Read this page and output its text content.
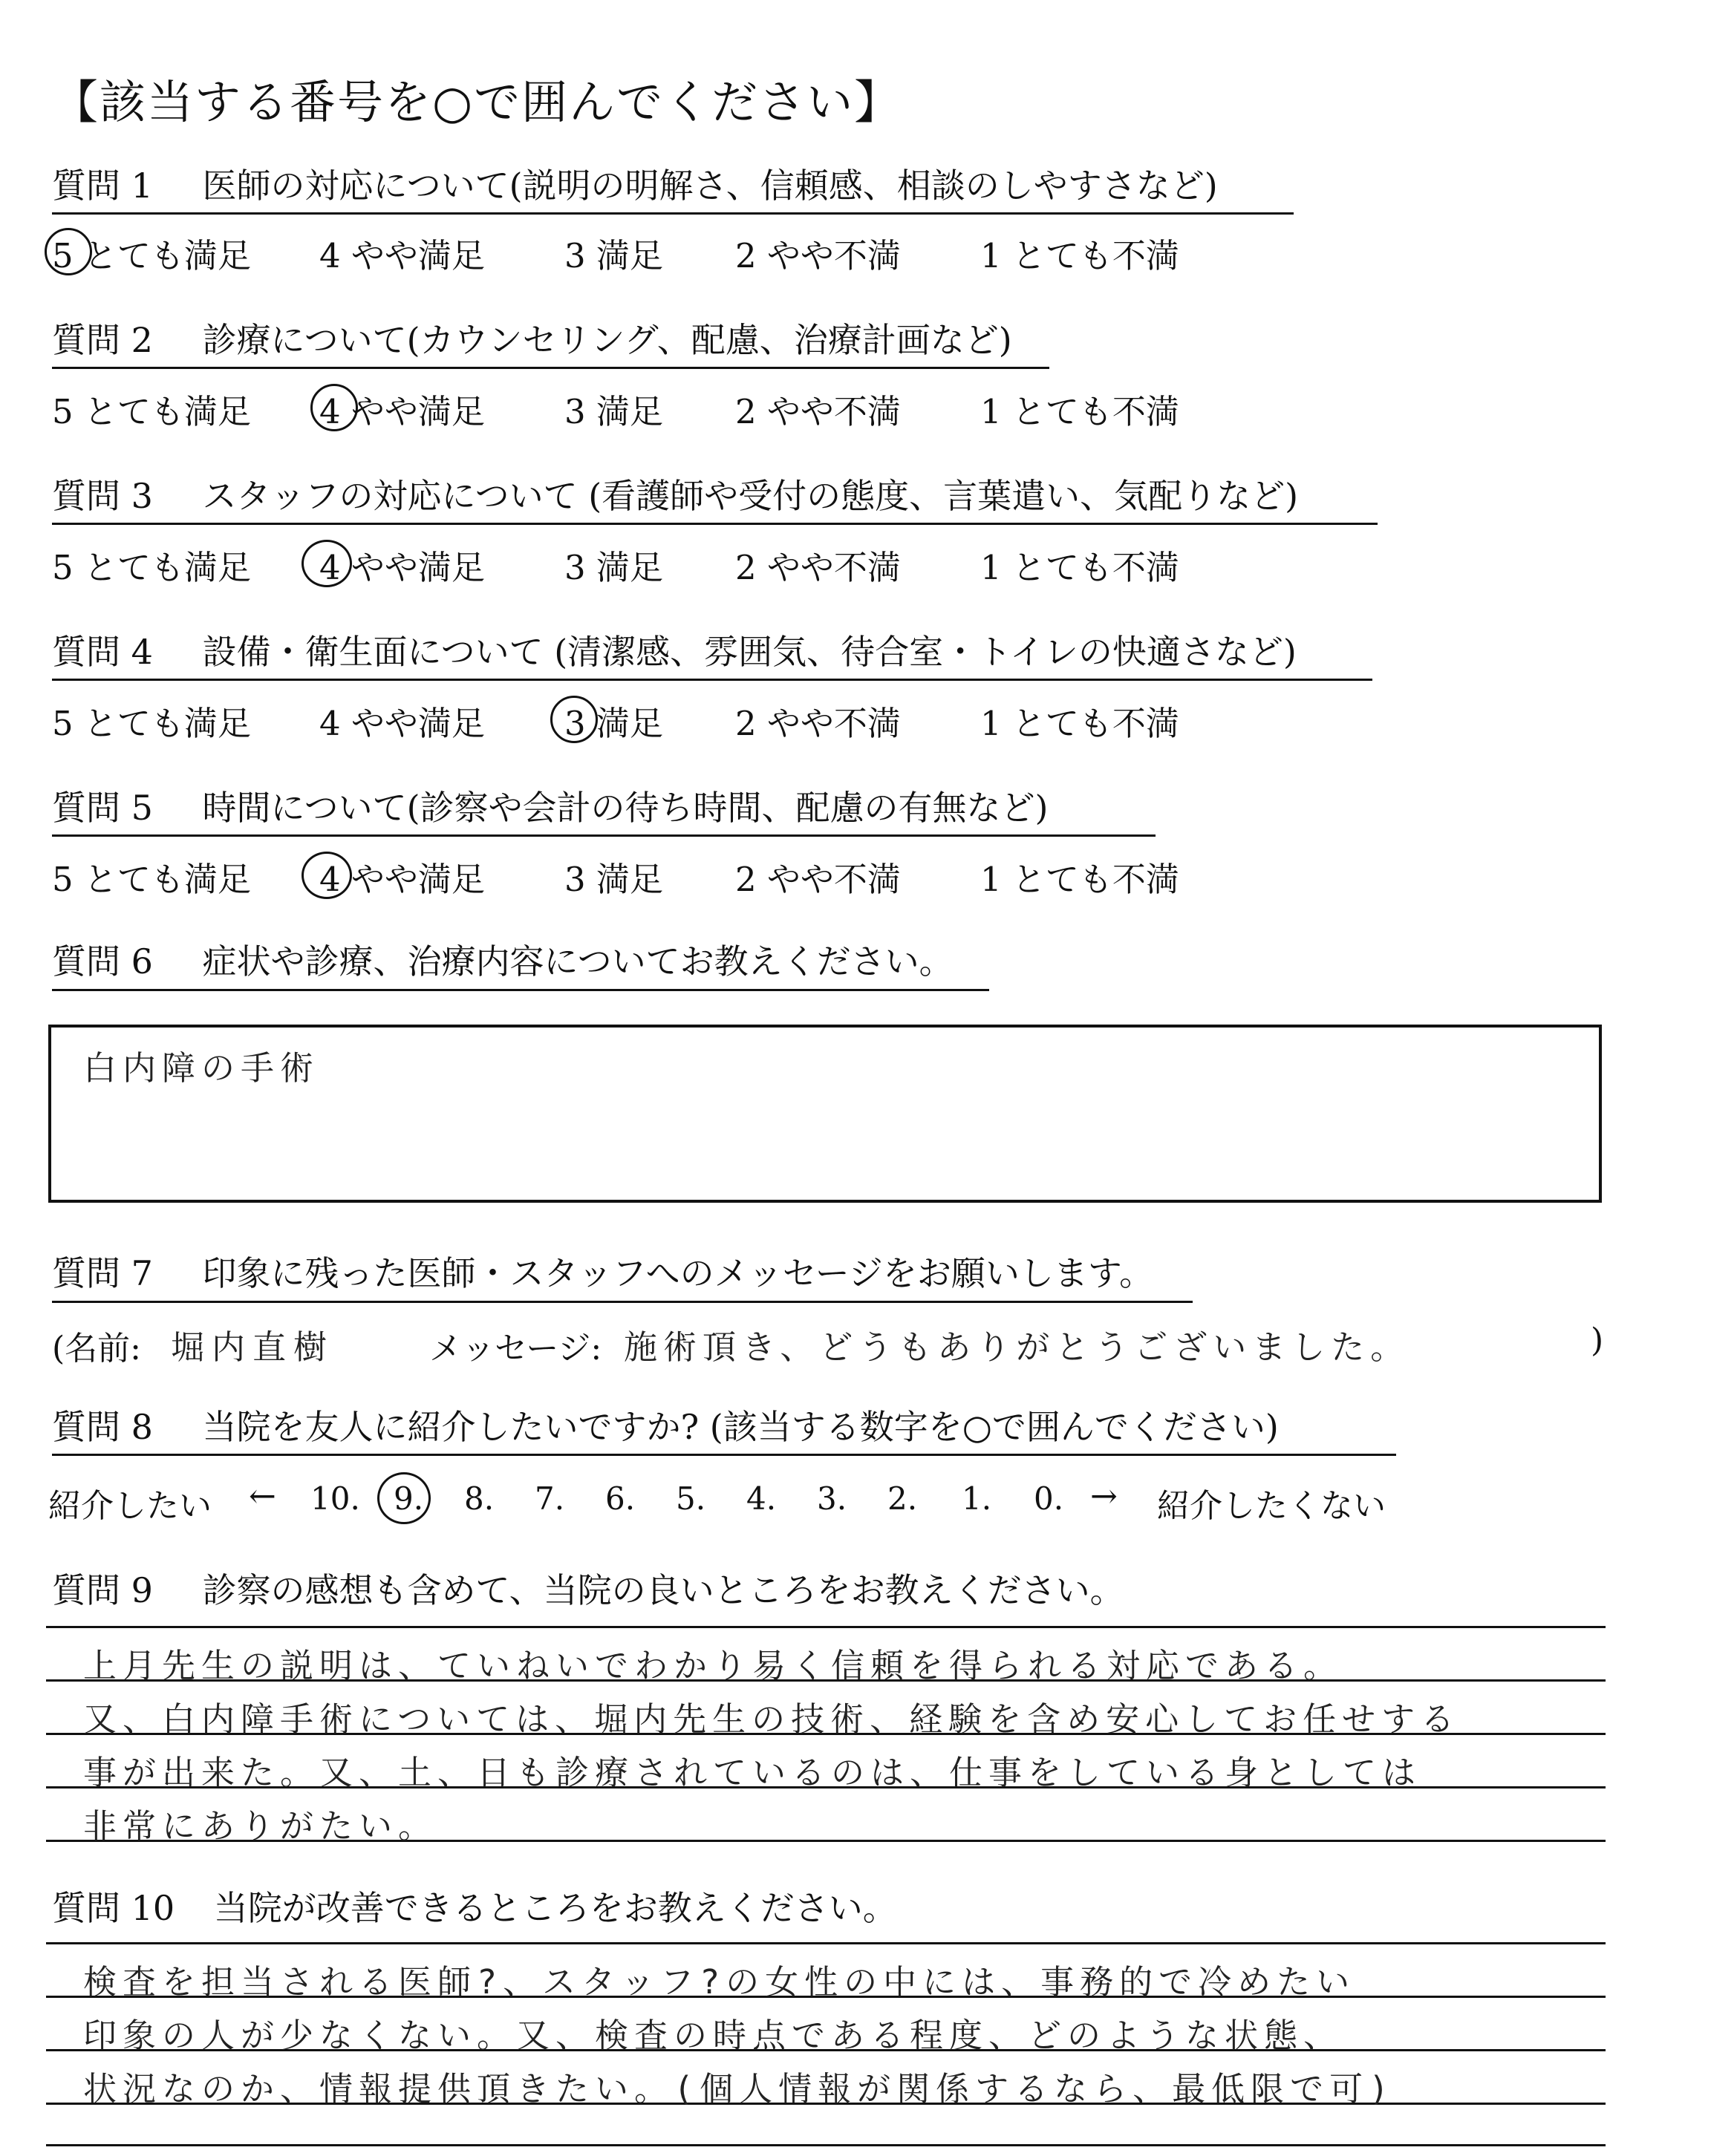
【該当する番号を○で囲んでください】
質問 1 医師の対応について(説明の明解さ、信頼感、相談のしやすさなど)
5 とても満足 4 やや満足 3 満足 2 やや不満 1 とても不満
質問 2 診療について(カウンセリング、配慮、治療計画など)
5 とても満足 4 やや満足 3 満足 2 やや不満 1 とても不満
質問 3 スタッフの対応について (看護師や受付の態度、言葉遣い、気配りなど)
5 とても満足 4 やや満足 3 満足 2 やや不満 1 とても不満
質問 4 設備・衛生面について (清潔感、雰囲気、待合室・トイレの快適さなど)
5 とても満足 4 やや満足 3 満足 2 やや不満 1 とても不満
質問 5 時間について(診察や会計の待ち時間、配慮の有無など)
5 とても満足 4 やや満足 3 満足 2 やや不満 1 とても不満
質問 6 症状や診療、治療内容についてお教えください。
白内障の手術
質問 7 印象に残った医師・スタッフへのメッセージをお願いします。
(名前: 堀内直樹	メッセージ: 施術頂き、どうもありがとうございました。	)
質問 8 当院を友人に紹介したいですか? (該当する数字を○で囲んでください)
紹介したい ← 10. 9. 8. 7. 6. 5. 4. 3. 2. 1. 0. → 紹介したくない
質問 9 診察の感想も含めて、当院の良いところをお教えください。
上月先生の説明は、ていねいでわかり易く信頼を得られる対応である。
又、白内障手術については、堀内先生の技術、経験を含め安心してお任せする
事が出来た。又、土、日も診療されているのは、仕事をしている身としては
非常にありがたい。
質問 10 当院が改善できるところをお教えください。
検査を担当される医師?、スタッフ?の女性の中には、事務的で冷めたい
印象の人が少なくない。又、検査の時点である程度、どのような状態、
状況なのか、情報提供頂きたい。(個人情報が関係するなら、最低限で可)
